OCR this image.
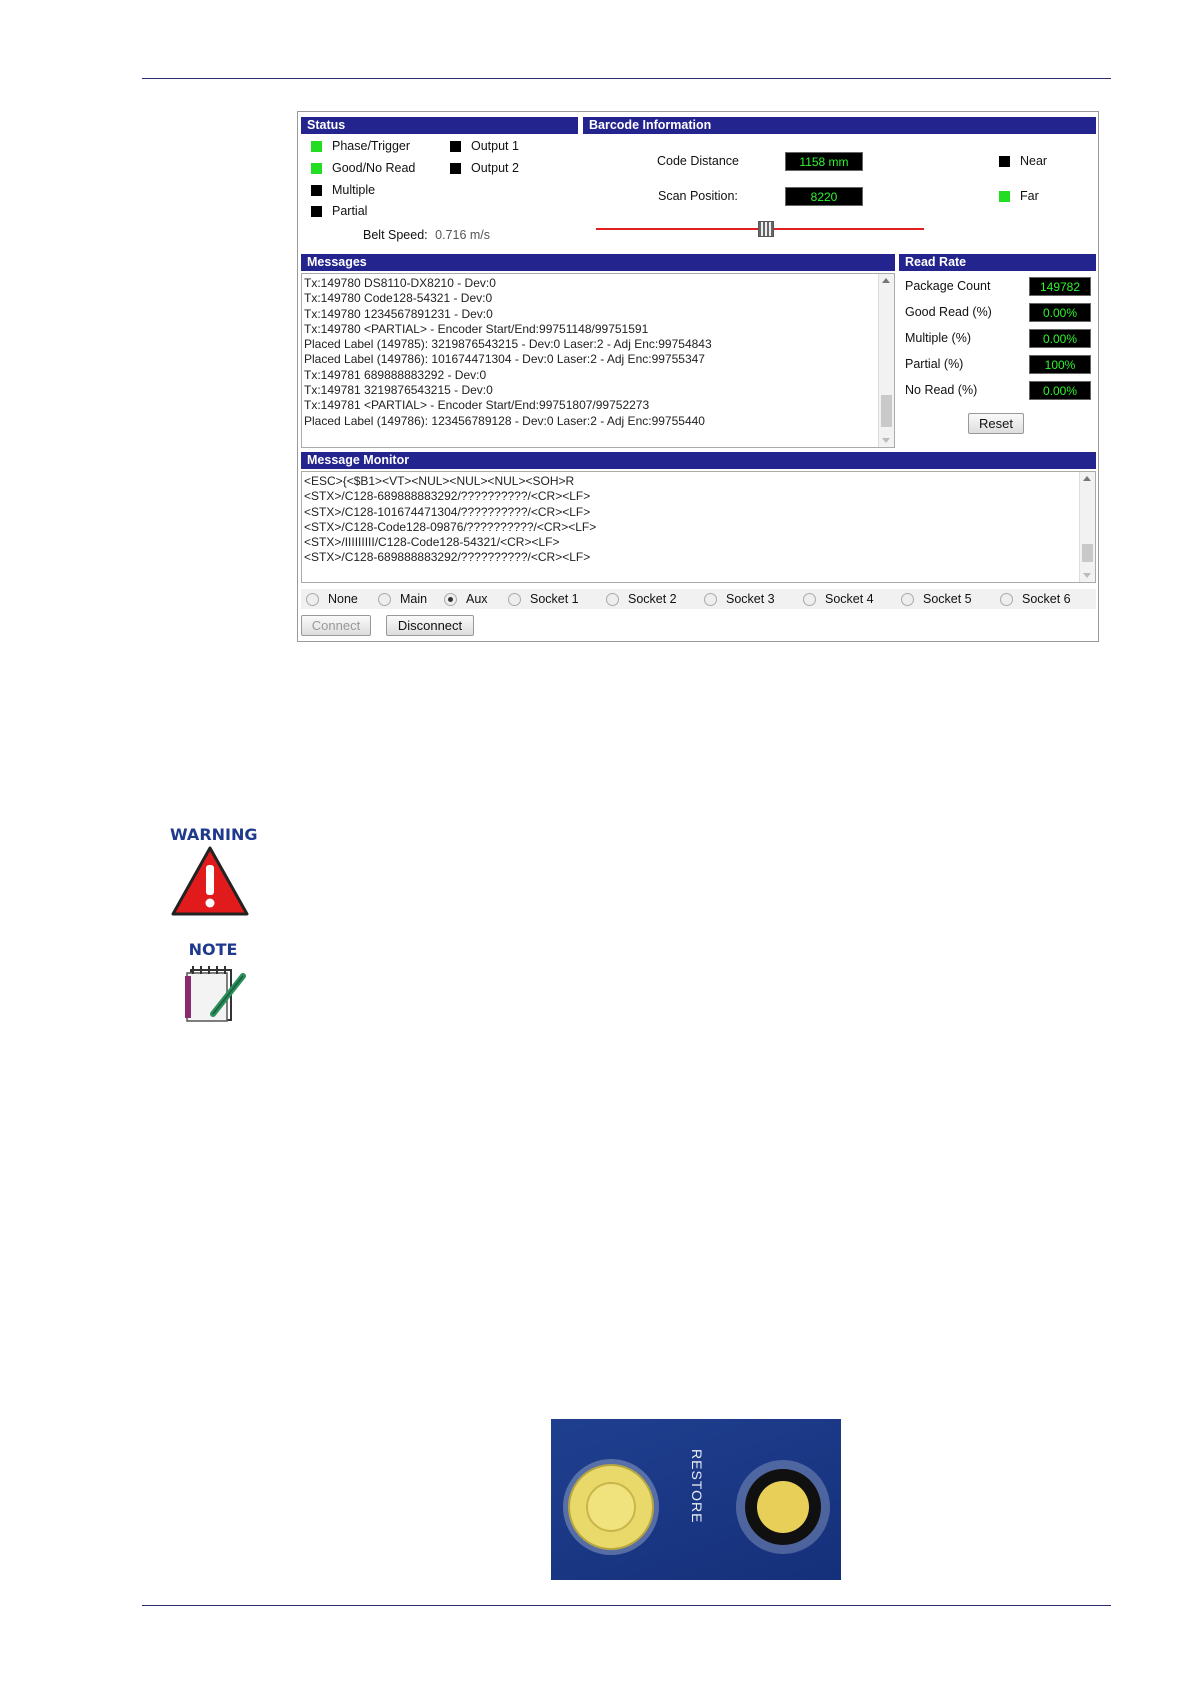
Status
Phase/Trigger
Good/No Read
Multiple
Partial
Output 1
Output 2
Belt Speed: 0.716 m/s
Barcode Information
Code Distance	1158 mm
Scan Position:	8220
Near
Far
Messages
Tx:149780 DS8110-DX8210 - Dev:0
Tx:149780 Code128-54321 - Dev:0
Tx:149780 1234567891231 - Dev:0
Tx:149780 <PARTIAL> - Encoder Start/End:99751148/99751591
Placed Label (149785): 3219876543215 - Dev:0 Laser:2 - Adj Enc:99754843
Placed Label (149786): 101674471304 - Dev:0 Laser:2 - Adj Enc:99755347
Tx:149781 689888883292 - Dev:0
Tx:149781 3219876543215 - Dev:0
Tx:149781 <PARTIAL> - Encoder Start/End:99751807/99752273
Placed Label (149786): 123456789128 - Dev:0 Laser:2 - Adj Enc:99755440
Read Rate
Package Count	149782
Good Read (%)	0.00%
Multiple (%)	0.00%
Partial (%)	100%
No Read (%)	0.00%
Reset
Message Monitor
<ESC>{<$B1><VT><NUL><NUL><NUL><SOH>R
<STX>/C128-689888883292/??????????/<CR><LF>
<STX>/C128-101674471304/??????????/<CR><LF>
<STX>/C128-Code128-09876/??????????/<CR><LF>
<STX>/IIIIIIIII/C128-Code128-54321/<CR><LF>
<STX>/C128-689888883292/??????????/<CR><LF>
None	Main	Aux	Socket 1	Socket 2	Socket 3	Socket 4	Socket 5	Socket 6
Connect	Disconnect
WARNING
NOTE
RESTORE
